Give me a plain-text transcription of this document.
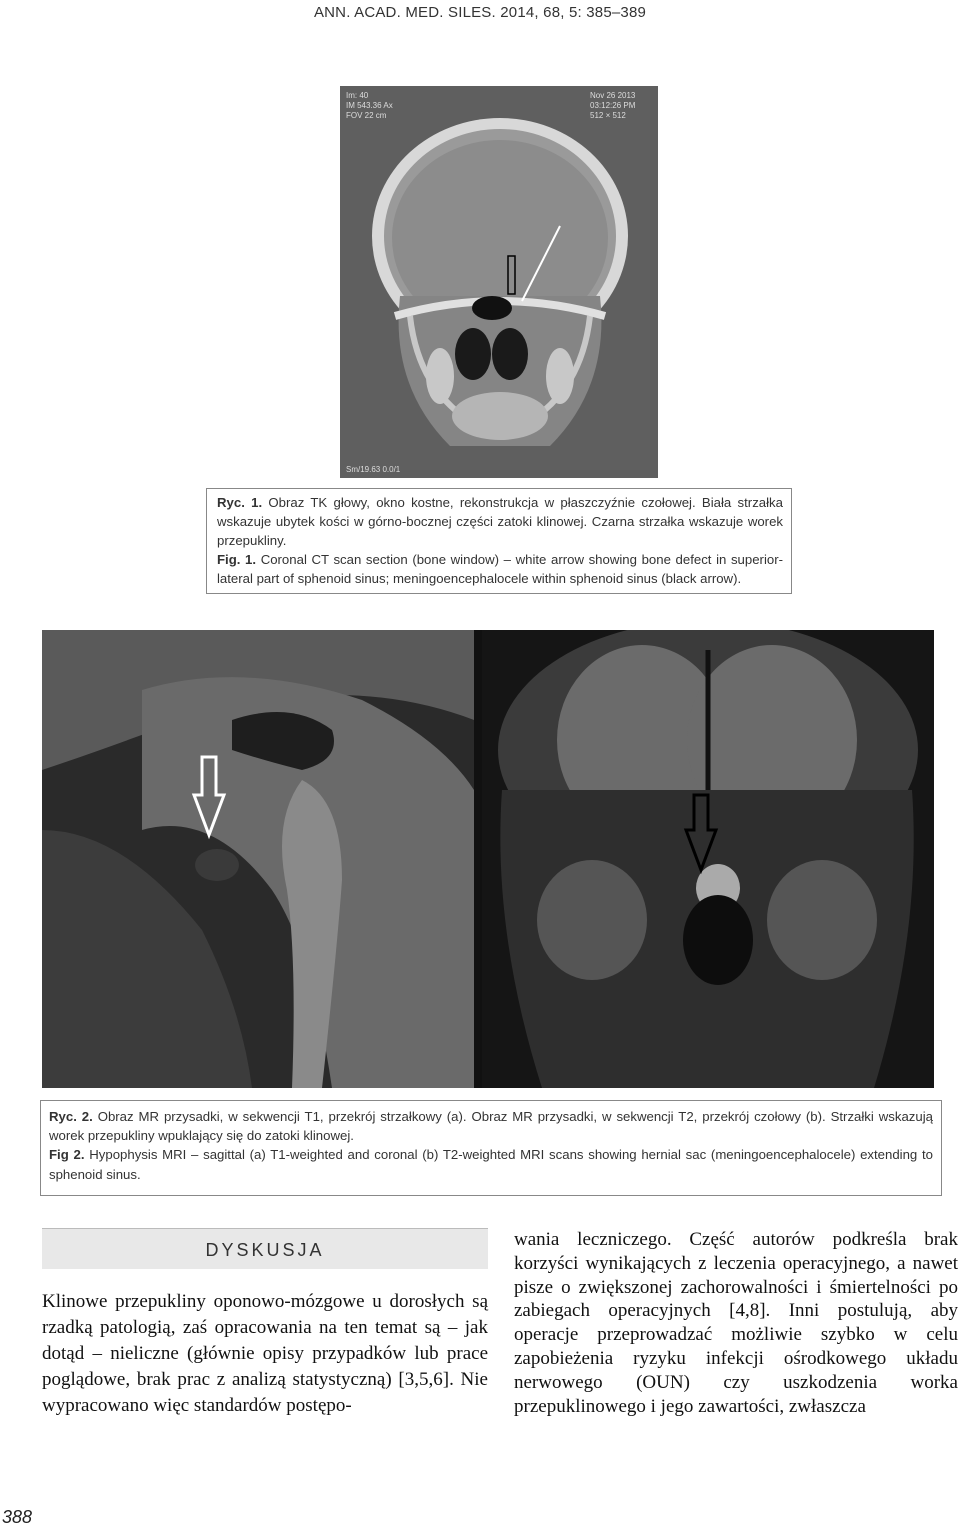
ANN. ACAD. MED. SILES. 2014, 68, 5: 385–389
Im: 40
IM 543.36 Ax
FOV 22 cm
Nov 26 2013
03:12:26 PM
512 × 512
Sm/19.63 0.0/1
Ryc. 1. Obraz TK głowy, okno kostne, rekonstrukcja w płaszczyźnie czołowej. Biała strzałka wskazuje ubytek kości w górno-bocznej części zatoki klinowej. Czarna strzałka wskazuje worek przepukliny.
Fig. 1. Coronal CT scan section (bone window) – white arrow showing bone defect in superior-lateral part of sphenoid sinus; meningoencephalocele within sphenoid sinus (black arrow).
Ryc. 2. Obraz MR przysadki, w sekwencji T1, przekrój strzałkowy (a). Obraz MR przysadki, w sekwencji T2, przekrój czołowy (b). Strzałki wskazują worek przepukliny wpuklający się do zatoki klinowej.
Fig 2. Hypophysis MRI – sagittal (a) T1-weighted and coronal (b) T2-weighted MRI scans showing hernial sac (meningoencephalocele) extending to sphenoid sinus.
DYSKUSJA
Klinowe przepukliny oponowo-mózgowe u dorosłych są rzadką patologią, zaś opracowania na ten temat są – jak dotąd – nieliczne (głównie opisy przypadków lub prace poglądowe, brak prac z analizą statystyczną) [3,5,6]. Nie wypracowano więc standardów postępo-
wania leczniczego. Część autorów podkreśla brak korzyści wynikających z leczenia operacyjnego, a nawet pisze o zwiększonej zachorowalności i śmiertelności po zabiegach operacyjnych [4,8]. Inni postulują, aby operacje przeprowadzać możliwie szybko w celu zapobieżenia ryzyku infekcji ośrodkowego układu nerwowego (OUN) czy uszkodzenia worka przepuklinowego i jego zawartości, zwłaszcza
388
